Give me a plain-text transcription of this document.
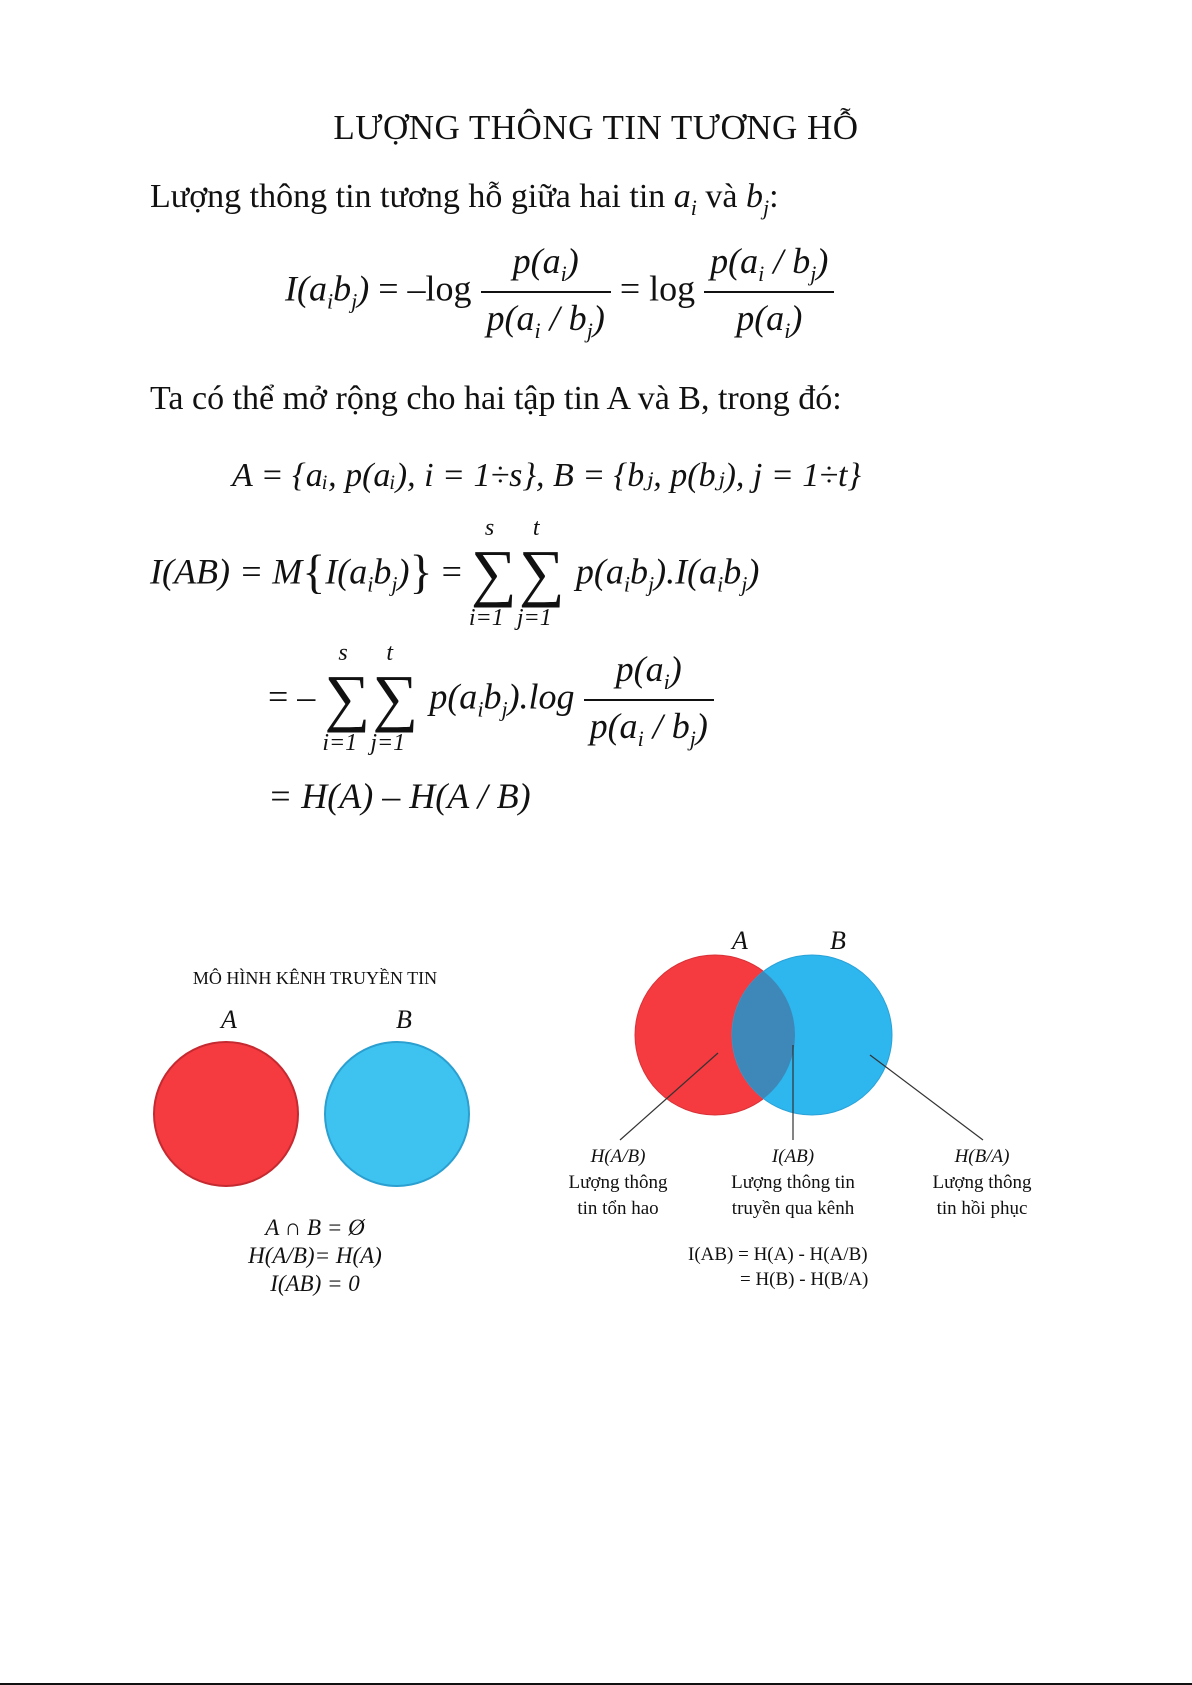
LƯỢNG THÔNG TIN TƯƠNG HỖ
Lượng thông tin tương hỗ giữa hai tin $a_i$ và $b_j$:
$I(a_ib_j) = -\log \frac{p(a_i)}{p(a_i / b_j)} = \log \frac{p(a_i / b_j)}{p(a_i)}$
Ta có thể mở rộng cho hai tập tin A và B, trong đó:
A = {aᵢ, p(aᵢ), i = 1÷s}, B = {bⱼ, p(bⱼ), j = 1÷t}
$I(AB) = M\{I(a_ib_j)\}$ =
s
∑
i=1
t
∑
j=1
$p(a_ib_j).I(a_ib_j)$
= –
s
∑
i=1
t
∑
j=1
$p(a_ib_j).\log \frac{p(a_i)}{p(a_i / b_j)}$
= H(A) – H(A / B)
MÔ HÌNH KÊNH TRUYỀN TIN
A	B
A ∩ B = Ø
H(A/B)= H(A)
I(AB) = 0
A	B
H(A/B)
Lượng thông
tin tổn hao
I(AB)
Lượng thông tin
truyền qua kênh
H(B/A)
Lượng thông
tin hồi phục
I(AB) = H(A) - H(A/B)
= H(B) - H(B/A)
